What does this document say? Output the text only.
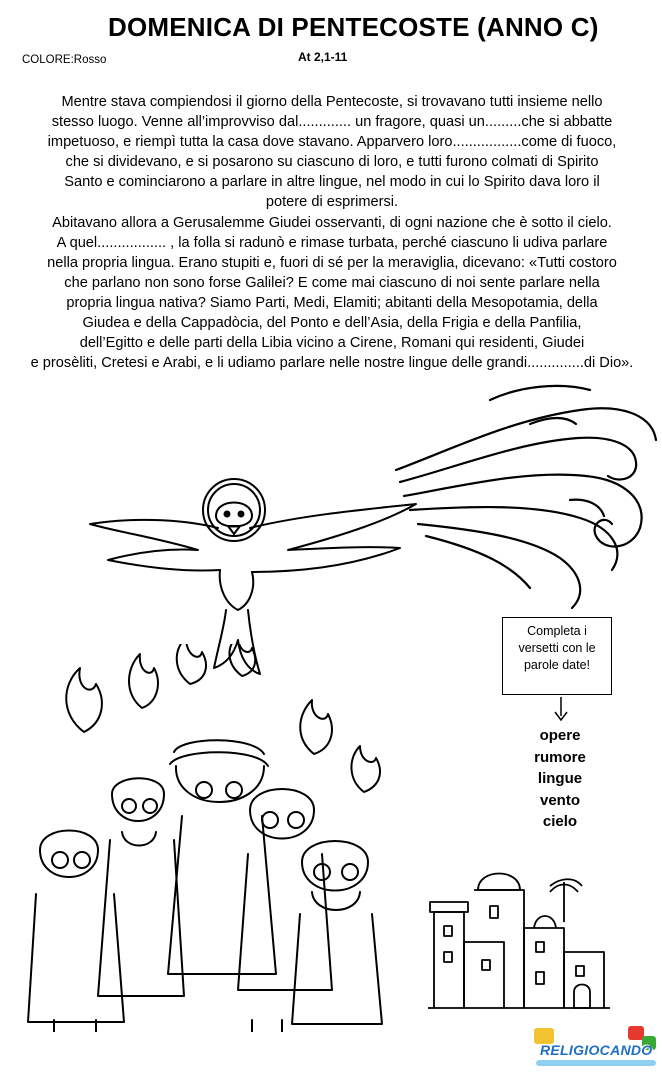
DOMENICA DI PENTECOSTE (ANNO C)
COLORE:Rosso	At 2,1-11
Mentre stava compiendosi il giorno della Pentecoste, si trovavano tutti insieme nello
stesso luogo. Venne all’improvviso dal............. un fragore, quasi un.........che si abbatte
impetuoso, e riempì tutta la casa dove stavano. Apparvero loro.................come di fuoco,
che si dividevano, e si posarono su ciascuno di loro, e tutti furono colmati di Spirito
Santo e cominciarono a parlare in altre lingue, nel modo in cui lo Spirito dava loro il
potere di esprimersi.
Abitavano allora a Gerusalemme Giudei osservanti, di ogni nazione che è sotto il cielo.
A quel................. , la folla si radunò e rimase turbata, perché ciascuno li udiva parlare
nella propria lingua. Erano stupiti e, fuori di sé per la meraviglia, dicevano: «Tutti costoro
che parlano non sono forse Galilei? E come mai ciascuno di noi sente parlare nella
propria lingua nativa? Siamo Parti, Medi, Elamiti; abitanti della Mesopotamia, della
Giudea e della Cappadòcia, del Ponto e dell’Asia, della Frigia e della Panfilia,
dell’Egitto e delle parti della Libia vicino a Cirene, Romani qui residenti, Giudei
e prosèliti, Cretesi e Arabi, e li udiamo parlare nelle nostre lingue delle grandi..............di Dio».
Completa i
versetti con le
parole date!
opere
rumore
lingue
vento
cielo
RELIGIOCANDO
